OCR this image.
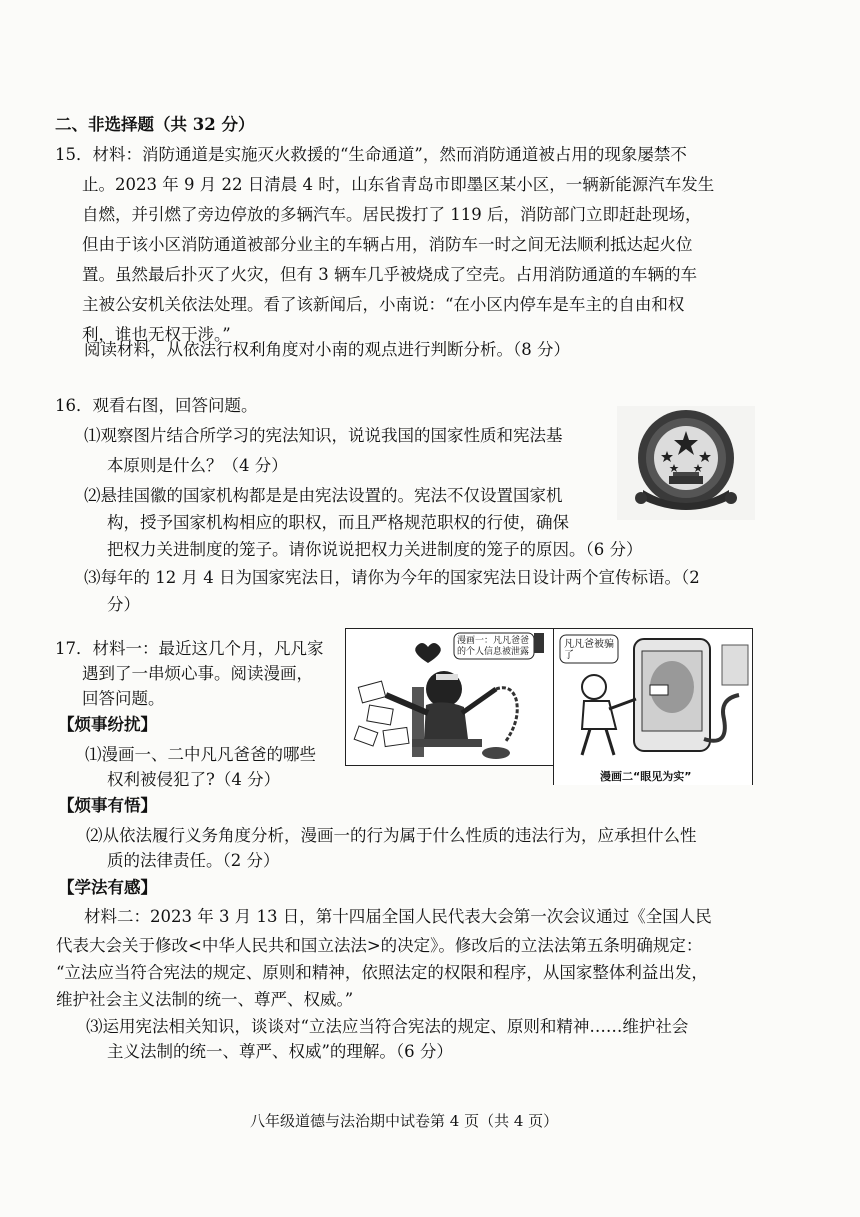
二、非选择题（共 32 分）
15．材料：消防通道是实施灭火救援的“生命通道”，然而消防通道被占用的现象屡禁不
止。2023 年 9 月 22 日清晨 4 时，山东省青岛市即墨区某小区，一辆新能源汽车发生
自燃，并引燃了旁边停放的多辆汽车。居民拨打了 119 后，消防部门立即赶赴现场，
但由于该小区消防通道被部分业主的车辆占用，消防车一时之间无法顺利抵达起火位
置。虽然最后扑灭了火灾，但有 3 辆车几乎被烧成了空壳。占用消防通道的车辆的车
主被公安机关依法处理。看了该新闻后，小南说：“在小区内停车是车主的自由和权
利，谁也无权干涉。”
阅读材料，从依法行权利角度对小南的观点进行判断分析。（8 分）
16．观看右图，回答问题。
⑴观察图片结合所学习的宪法知识，说说我国的国家性质和宪法基
本原则是什么？（4 分）
⑵悬挂国徽的国家机构都是是由宪法设置的。宪法不仅设置国家机
构，授予国家机构相应的职权，而且严格规范职权的行使，确保
把权力关进制度的笼子。请你说说把权力关进制度的笼子的原因。（6 分）
⑶每年的 12 月 4 日为国家宪法日，请你为今年的国家宪法日设计两个宣传标语。（2
分）
17．材料一：最近这几个月，凡凡家
遇到了一串烦心事。阅读漫画，
回答问题。
【烦事纷扰】
⑴漫画一、二中凡凡爸爸的哪些
权利被侵犯了?（4 分）
【烦事有悟】
⑵从依法履行义务角度分析，漫画一的行为属于什么性质的违法行为，应承担什么性
质的法律责任。（2 分）
【学法有感】
材料二：2023 年 3 月 13 日，第十四届全国人民代表大会第一次会议通过《全国人民
代表大会关于修改<中华人民共和国立法法>的决定》。修改后的立法法第五条明确规定：
“立法应当符合宪法的规定、原则和精神，依照法定的权限和程序，从国家整体利益出发，
维护社会主义法制的统一、尊严、权威。”
⑶运用宪法相关知识，谈谈对“立法应当符合宪法的规定、原则和精神……维护社会
主义法制的统一、尊严、权威”的理解。（6 分）
漫画一：凡凡爸爸的个人信息被泄露
凡凡爸被骗了
漫画二“眼见为实”
八年级道德与法治期中试卷第 4 页（共 4 页）
